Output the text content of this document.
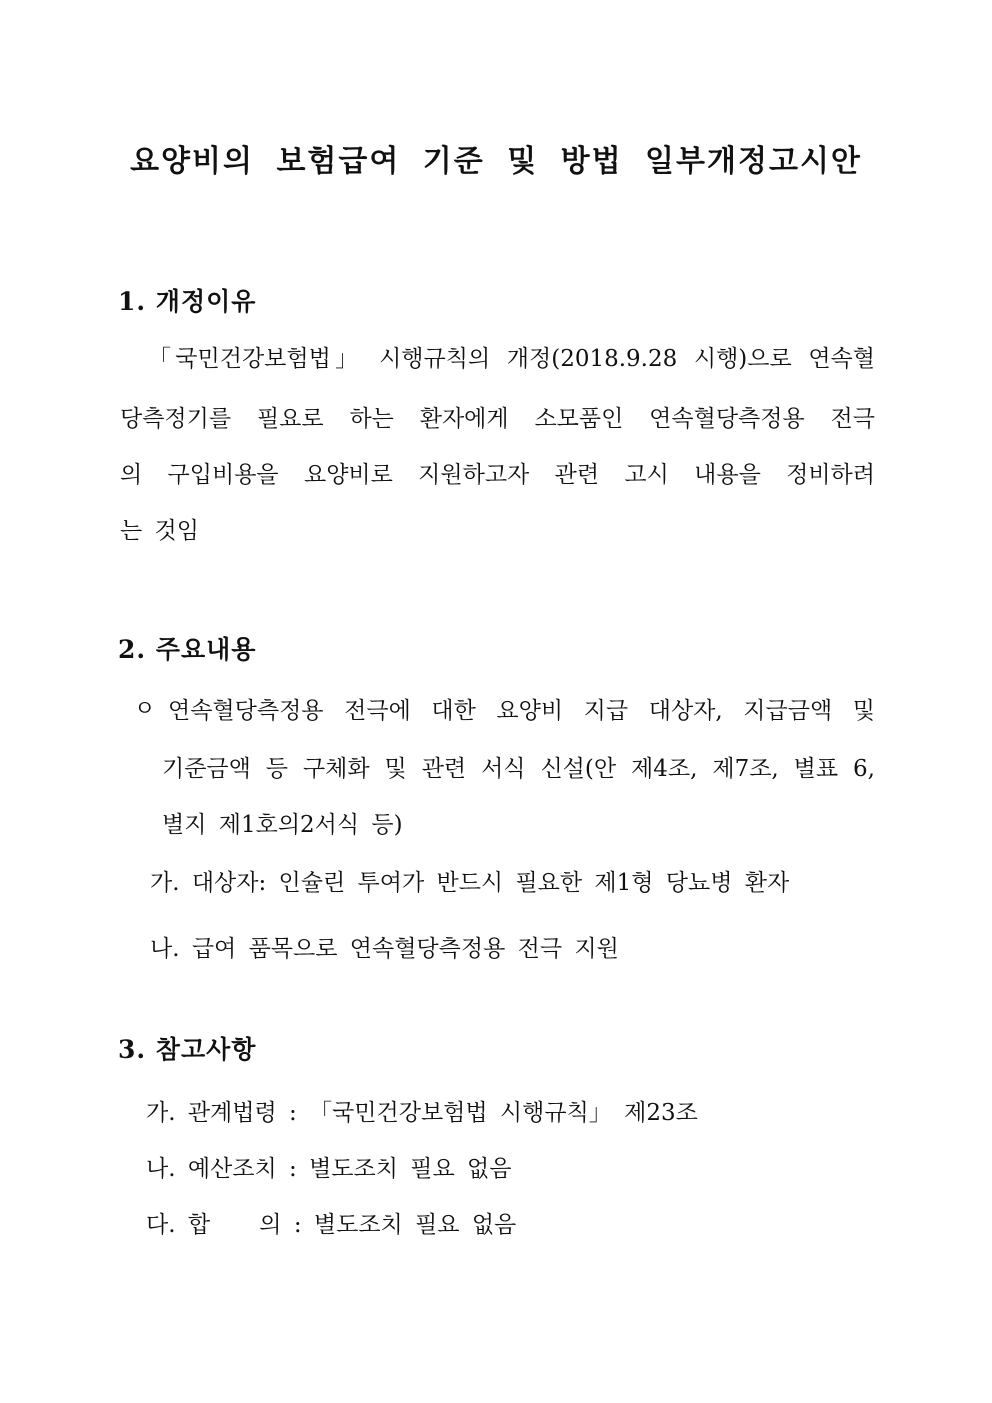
요양비의 보험급여 기준 및 방법 일부개정고시안
1. 개정이유
「국민건강보험법」 시행규칙의 개정(2018.9.28 시행)으로 연속혈
당측정기를 필요로 하는 환자에게 소모품인 연속혈당측정용 전극
의 구입비용을 요양비로 지원하고자 관련 고시 내용을 정비하려
는 것임
2. 주요내용
ㅇ 연속혈당측정용 전극에 대한 요양비 지급 대상자, 지급금액 및
기준금액 등 구체화 및 관련 서식 신설(안 제4조, 제7조, 별표 6,
별지 제1호의2서식 등)
가. 대상자: 인슐린 투여가 반드시 필요한 제1형 당뇨병 환자
나. 급여 품목으로 연속혈당측정용 전극 지원
3. 참고사항
가. 관계법령 : 「국민건강보험법 시행규칙」 제23조
나. 예산조치 : 별도조치 필요 없음
다. 합    의 : 별도조치 필요 없음
